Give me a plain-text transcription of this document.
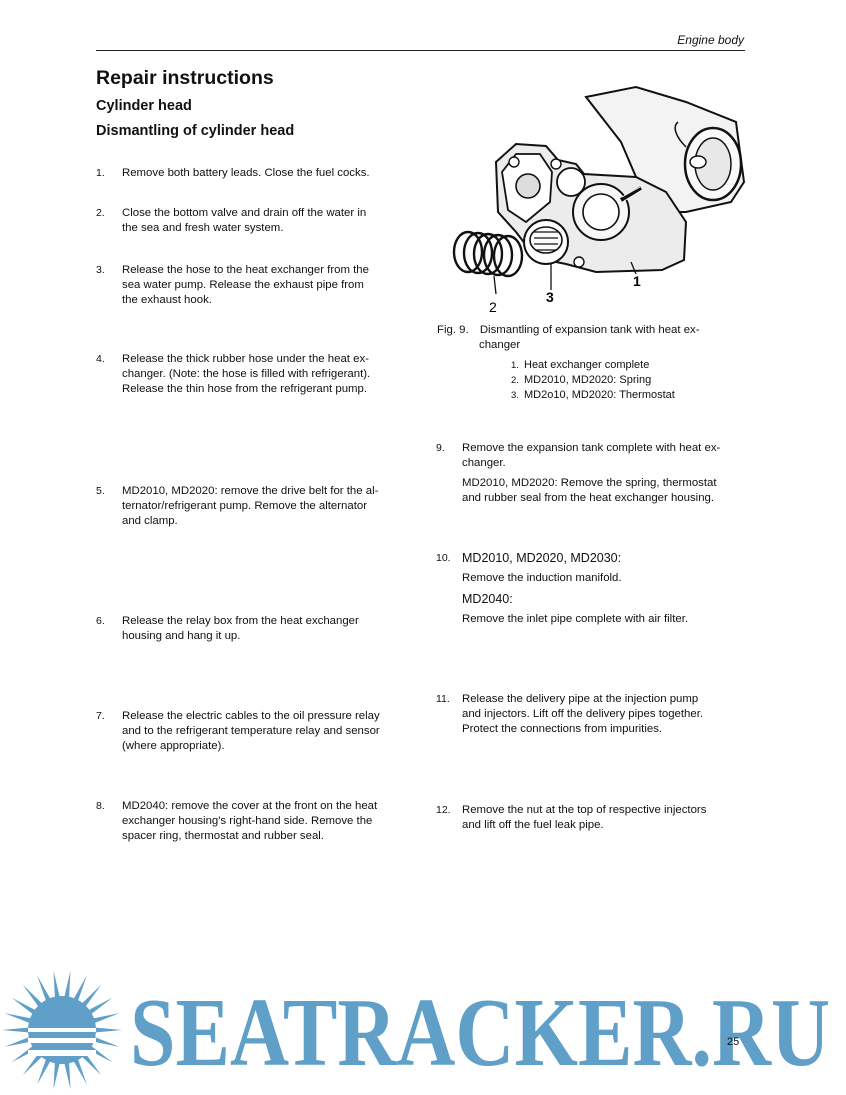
Engine body
Repair instructions
Cylinder head
Dismantling of cylinder head
1. Remove both battery leads. Close the fuel cocks.
2. Close the bottom valve and drain off the water in
the sea and fresh water system.
3. Release the hose to the heat exchanger from the
sea water pump. Release the exhaust pipe from
the exhaust hook.
4. Release the thick rubber hose under the heat ex-
changer. (Note: the hose is filled with refrigerant).
Release the thin hose from the refrigerant pump.
5. MD2010, MD2020: remove the drive belt for the al-
ternator/refrigerant pump. Remove the alternator
and clamp.
6. Release the relay box from the heat exchanger
housing and hang it up.
7. Release the electric cables to the oil pressure relay
and to the refrigerant temperature relay and sensor
(where appropriate).
8. MD2040: remove the cover at the front on the heat
exchanger housing's right-hand side. Remove the
spacer ring, thermostat and rubber seal.
1
2
3
Fig. 9. Dismantling of expansion tank with heat ex-
changer
1. Heat exchanger complete
2. MD2010, MD2020: Spring
3. MD2o10, MD2020: Thermostat
9. Remove the expansion tank complete with heat ex-
changer.
MD2010, MD2020: Remove the spring, thermostat
and rubber seal from the heat exchanger housing.
10. MD2010, MD2020, MD2030:
Remove the induction manifold.
MD2040:
Remove the inlet pipe complete with air filter.
11. Release the delivery pipe at the injection pump
and injectors. Lift off the delivery pipes together.
Protect the connections from impurities.
12. Remove the nut at the top of respective injectors
and lift off the fuel leak pipe.
SEATRACKER.RU
25
